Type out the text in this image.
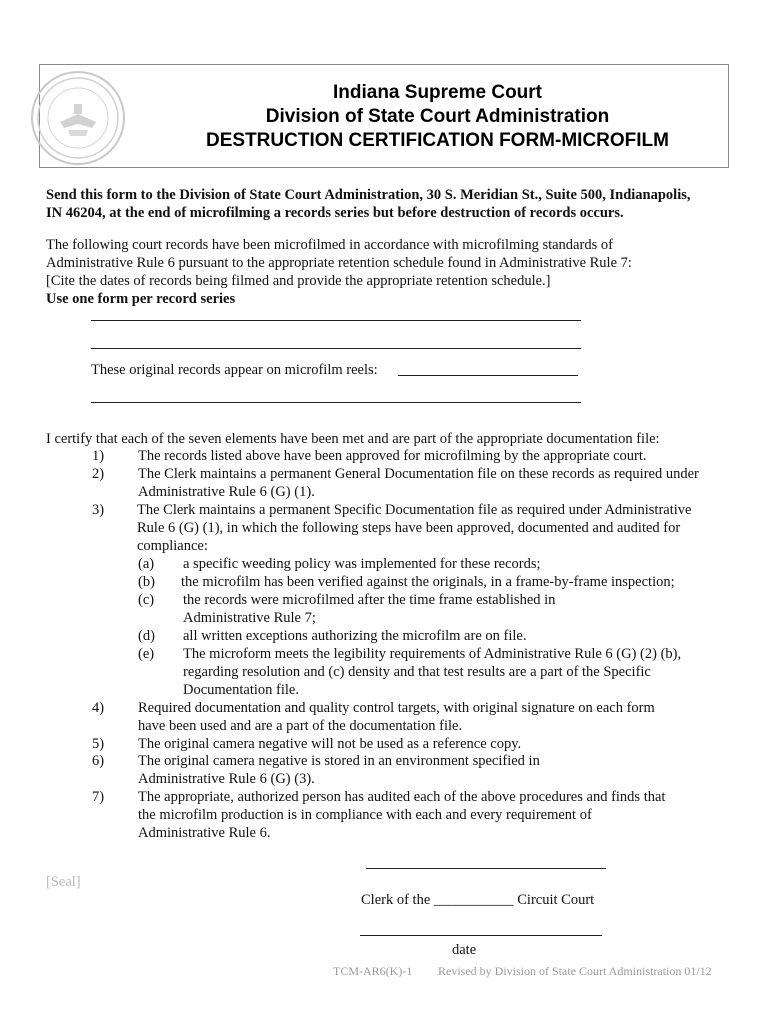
Indiana Supreme Court
Division of State Court Administration
DESTRUCTION CERTIFICATION FORM-MICROFILM
Send this form to the Division of State Court Administration, 30 S. Meridian St., Suite 500, Indianapolis,
IN 46204, at the end of microfilming a records series but before destruction of records occurs.
The following court records have been microfilmed in accordance with microfilming standards of
Administrative Rule 6 pursuant to the appropriate retention schedule found in Administrative Rule 7:
[Cite the dates of records being filmed and provide the appropriate retention schedule.]
Use one form per record series
These original records appear on microfilm reels:
I certify that each of the seven elements have been met and are part of the appropriate documentation file:
1)	The records listed above have been approved for microfilming by the appropriate court.
2)	The Clerk maintains a permanent General Documentation file on these records as required under
Administrative Rule 6 (G) (1).
3)	The Clerk maintains a permanent Specific Documentation file as required under Administrative
Rule 6 (G) (1), in which the following steps have been approved, documented and audited for
compliance:
(a) a specific weeding policy was implemented for these records;
(b) the microfilm has been verified against the originals, in a frame-by-frame inspection;
(c) the records were microfilmed after the time frame established in
Administrative Rule 7;
(d) all written exceptions authorizing the microfilm are on file.
(e) The microform meets the legibility requirements of Administrative Rule 6 (G) (2) (b),
regarding resolution and (c) density and that test results are a part of the Specific
Documentation file.
4)	Required documentation and quality control targets, with original signature on each form
have been used and are a part of the documentation file.
5)	The original camera negative will not be used as a reference copy.
6)	The original camera negative is stored in an environment specified in
Administrative Rule 6 (G) (3).
7)	The appropriate, authorized person has audited each of the above procedures and finds that
the microfilm production is in compliance with each and every requirement of
Administrative Rule 6.
[Seal]
Clerk of the ___________ Circuit Court
date
TCM-AR6(K)-1 Revised by Division of State Court Administration 01/12
